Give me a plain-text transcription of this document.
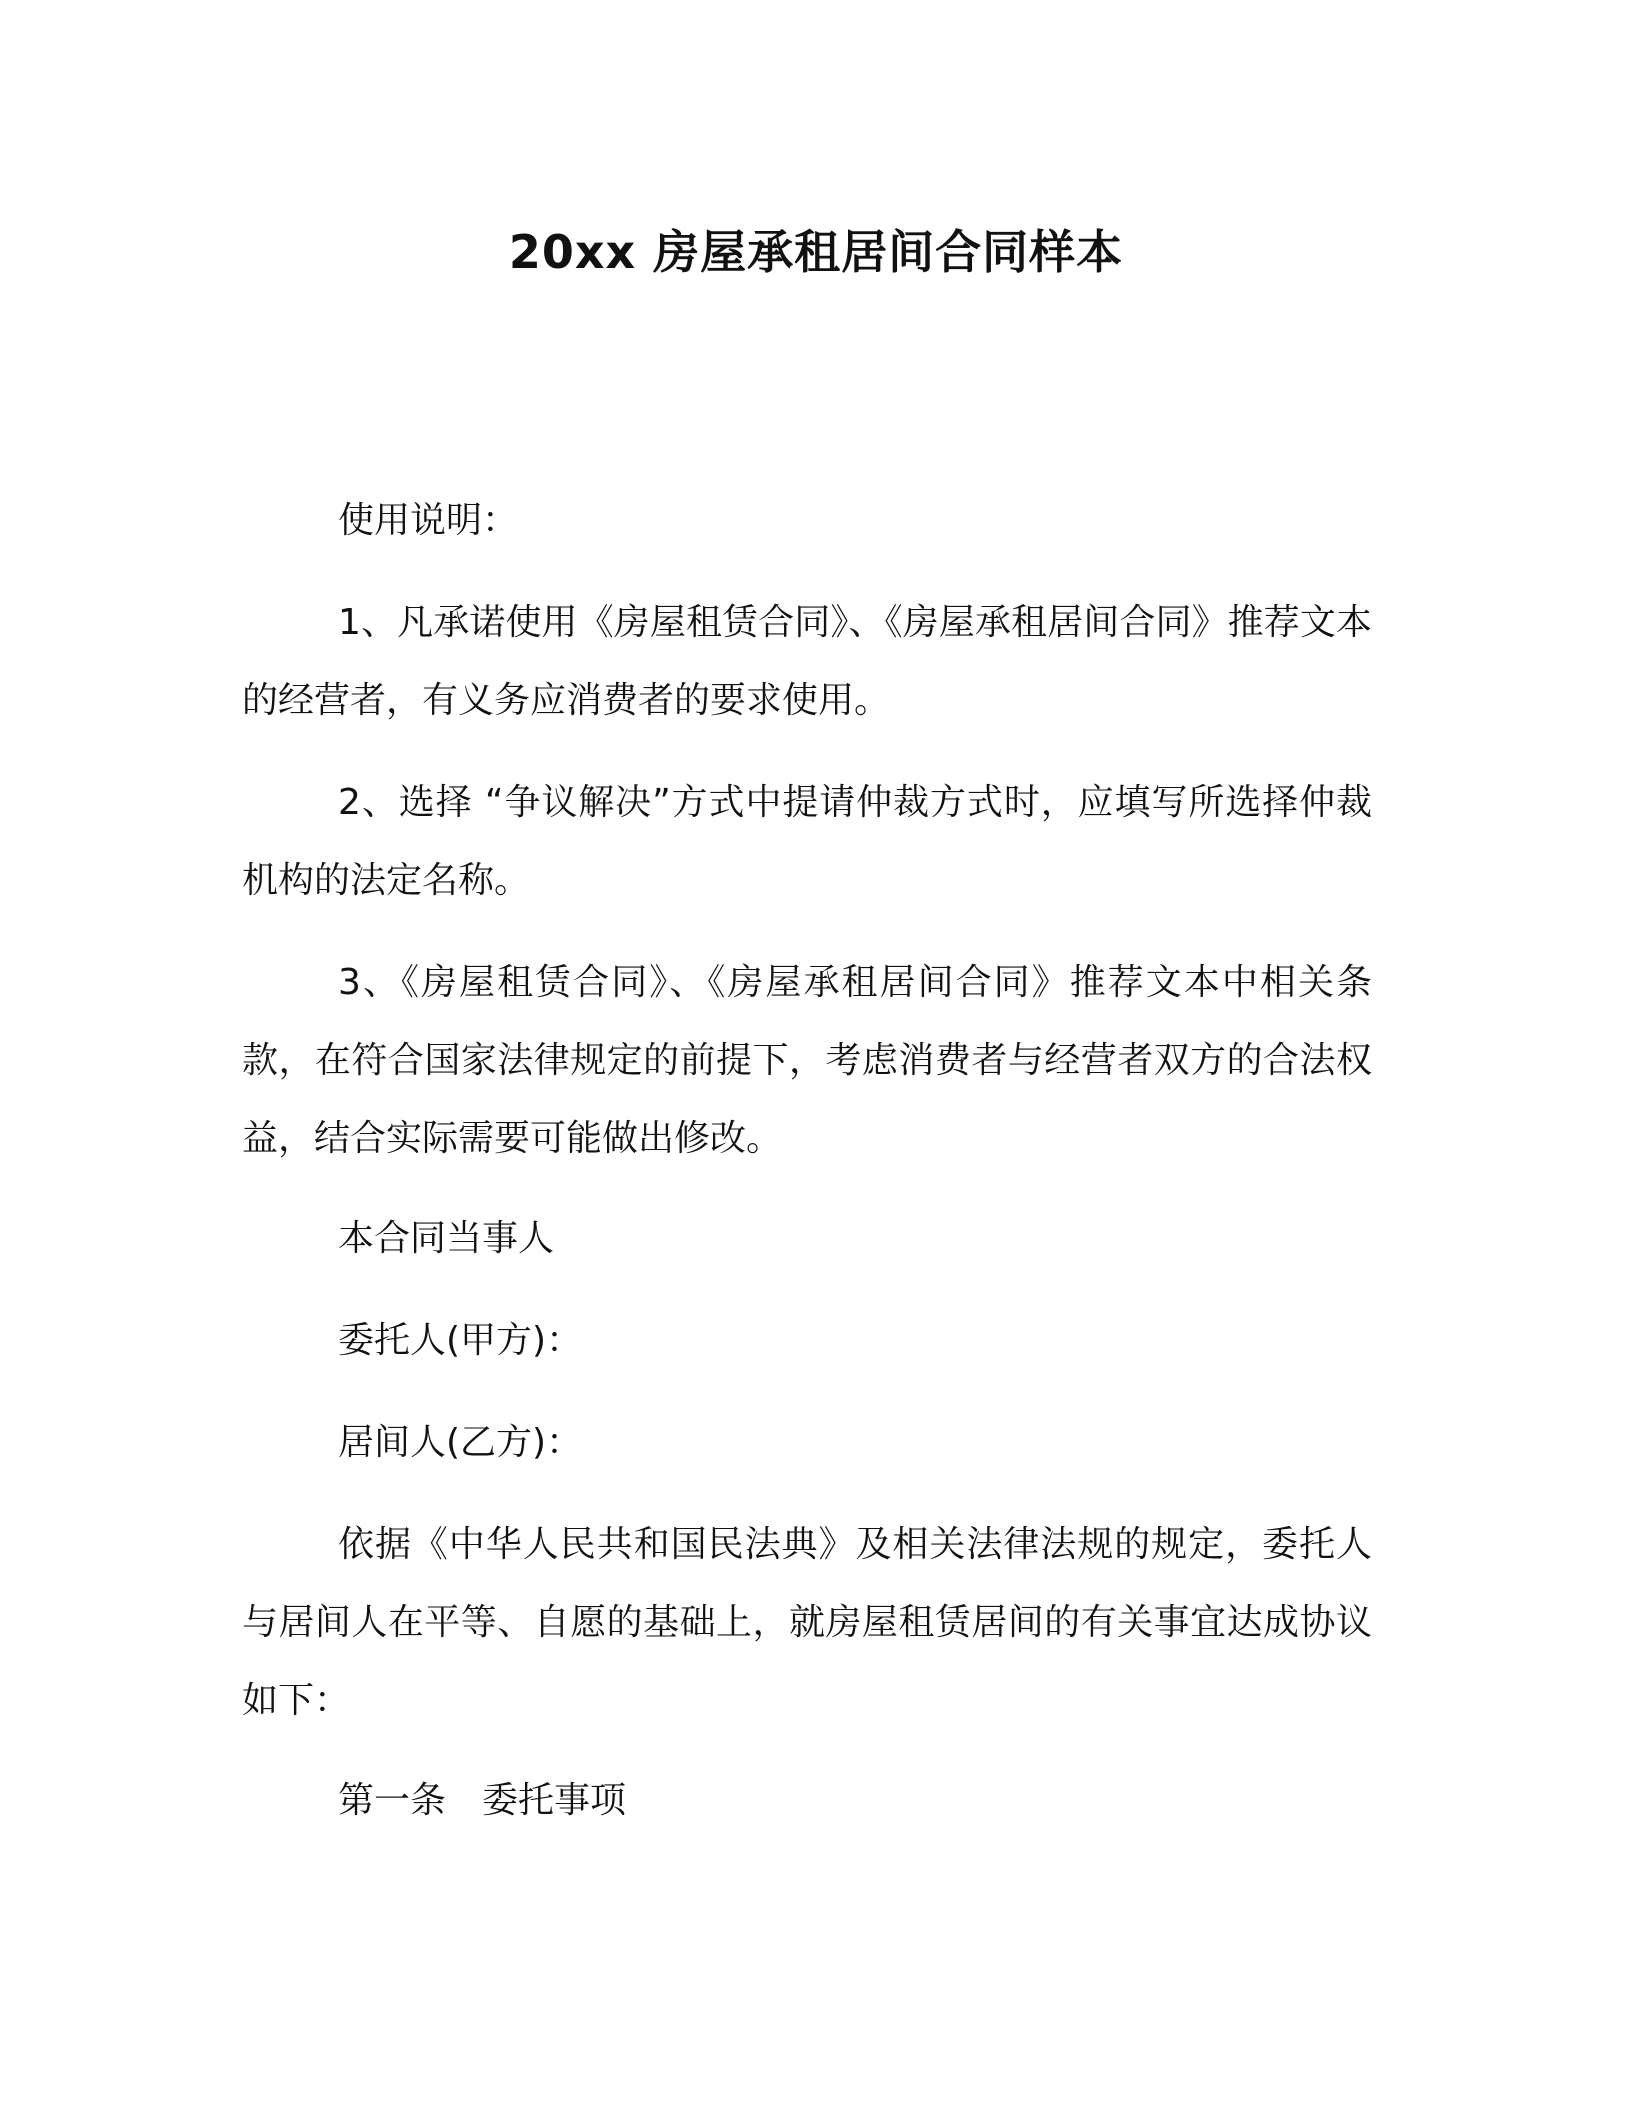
20xx 房屋承租居间合同样本

使用说明：

1、凡承诺使用《房屋租赁合同》、《房屋承租居间合同》推荐文本的经营者，有义务应消费者的要求使用。

2、选择 “争议解决”方式中提请仲裁方式时，应填写所选择仲裁机构的法定名称。

3、《房屋租赁合同》、《房屋承租居间合同》推荐文本中相关条款，在符合国家法律规定的前提下，考虑消费者与经营者双方的合法权益，结合实际需要可能做出修改。

本合同当事人

委托人(甲方)：

居间人(乙方)：

依据《中华人民共和国民法典》及相关法律法规的规定，委托人与居间人在平等、自愿的基础上，就房屋租赁居间的有关事宜达成协议如下：

第一条　委托事项
